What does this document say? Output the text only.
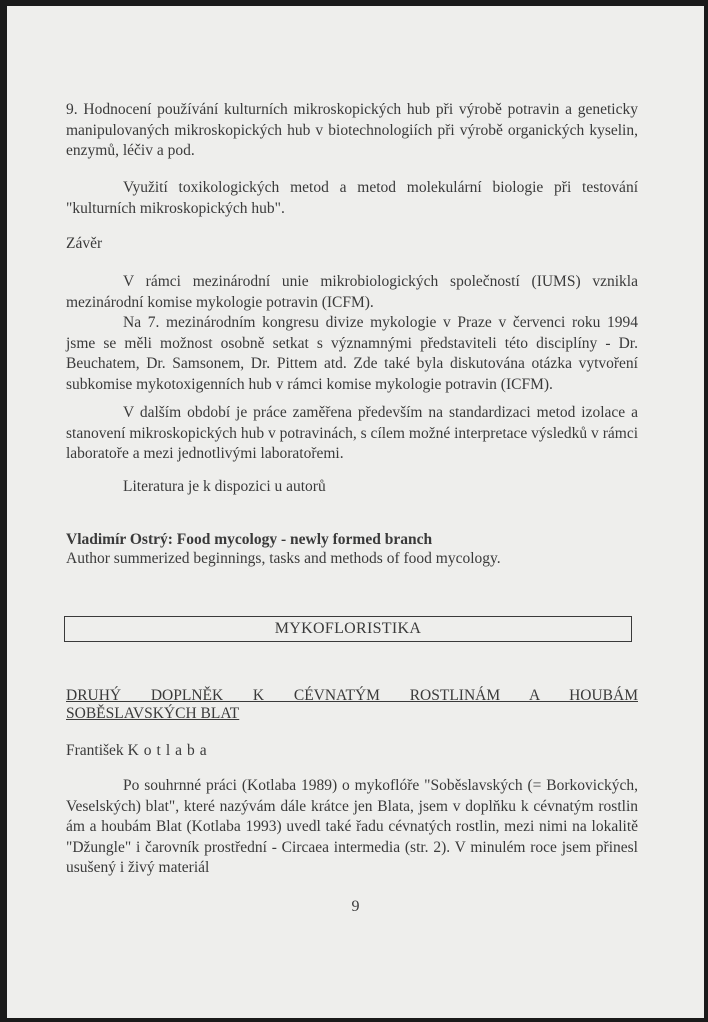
9. Hodnocení používání kulturních mikroskopických hub při výrobě potravin a geneticky manipulovaných mikroskopických hub v biotechnologiích při výrobě organických kyselin, enzymů, léčiv a pod.

Využití toxikologických metod a metod molekulární biologie při testování "kulturních mikroskopických hub".

Závěr

V rámci mezinárodní unie mikrobiologických společností (IUMS) vznikla mezinárodní komise mykologie potravin (ICFM).

Na 7. mezinárodním kongresu divize mykologie v Praze v červenci roku 1994 jsme se měli možnost osobně setkat s významnými představiteli této disciplíny - Dr. Beuchatem, Dr. Samsonem, Dr. Pittem atd. Zde také byla diskutována otázka vytvoření subkomise mykotoxigenních hub v rámci komise mykologie potravin (ICFM).

V dalším období je práce zaměřena především na standardizaci metod izolace a stanovení mikroskopických hub v potravinách, s cílem možné interpretace výsledků v rámci laboratoře a mezi jednotlivými laboratořemi.

Literatura je k dispozici u autorů

Vladimír Ostrý: Food mycology - newly formed branch

Author summerized beginnings, tasks and methods of food mycology.

MYKOFLORISTIKA
DRUHÝ DOPLNĚK K CÉVNATÝM ROSTLINÁM A HOUBÁM
SOBĚSLAVSKÝCH BLAT

František Kotlaba

Po souhrnné práci (Kotlaba 1989) o mykoflóře "Soběslavských (= Borkovických, Veselských) blat", které nazývám dále krátce jen Blata, jsem v doplňku k cévnatým rostlin ám a houbám Blat (Kotlaba 1993) uvedl také řadu cévnatých rostlin, mezi nimi na lokalitě "Džungle" i čarovník prostřední - Circaea intermedia (str. 2). V minulém roce jsem přinesl usušený i živý materiál

9
